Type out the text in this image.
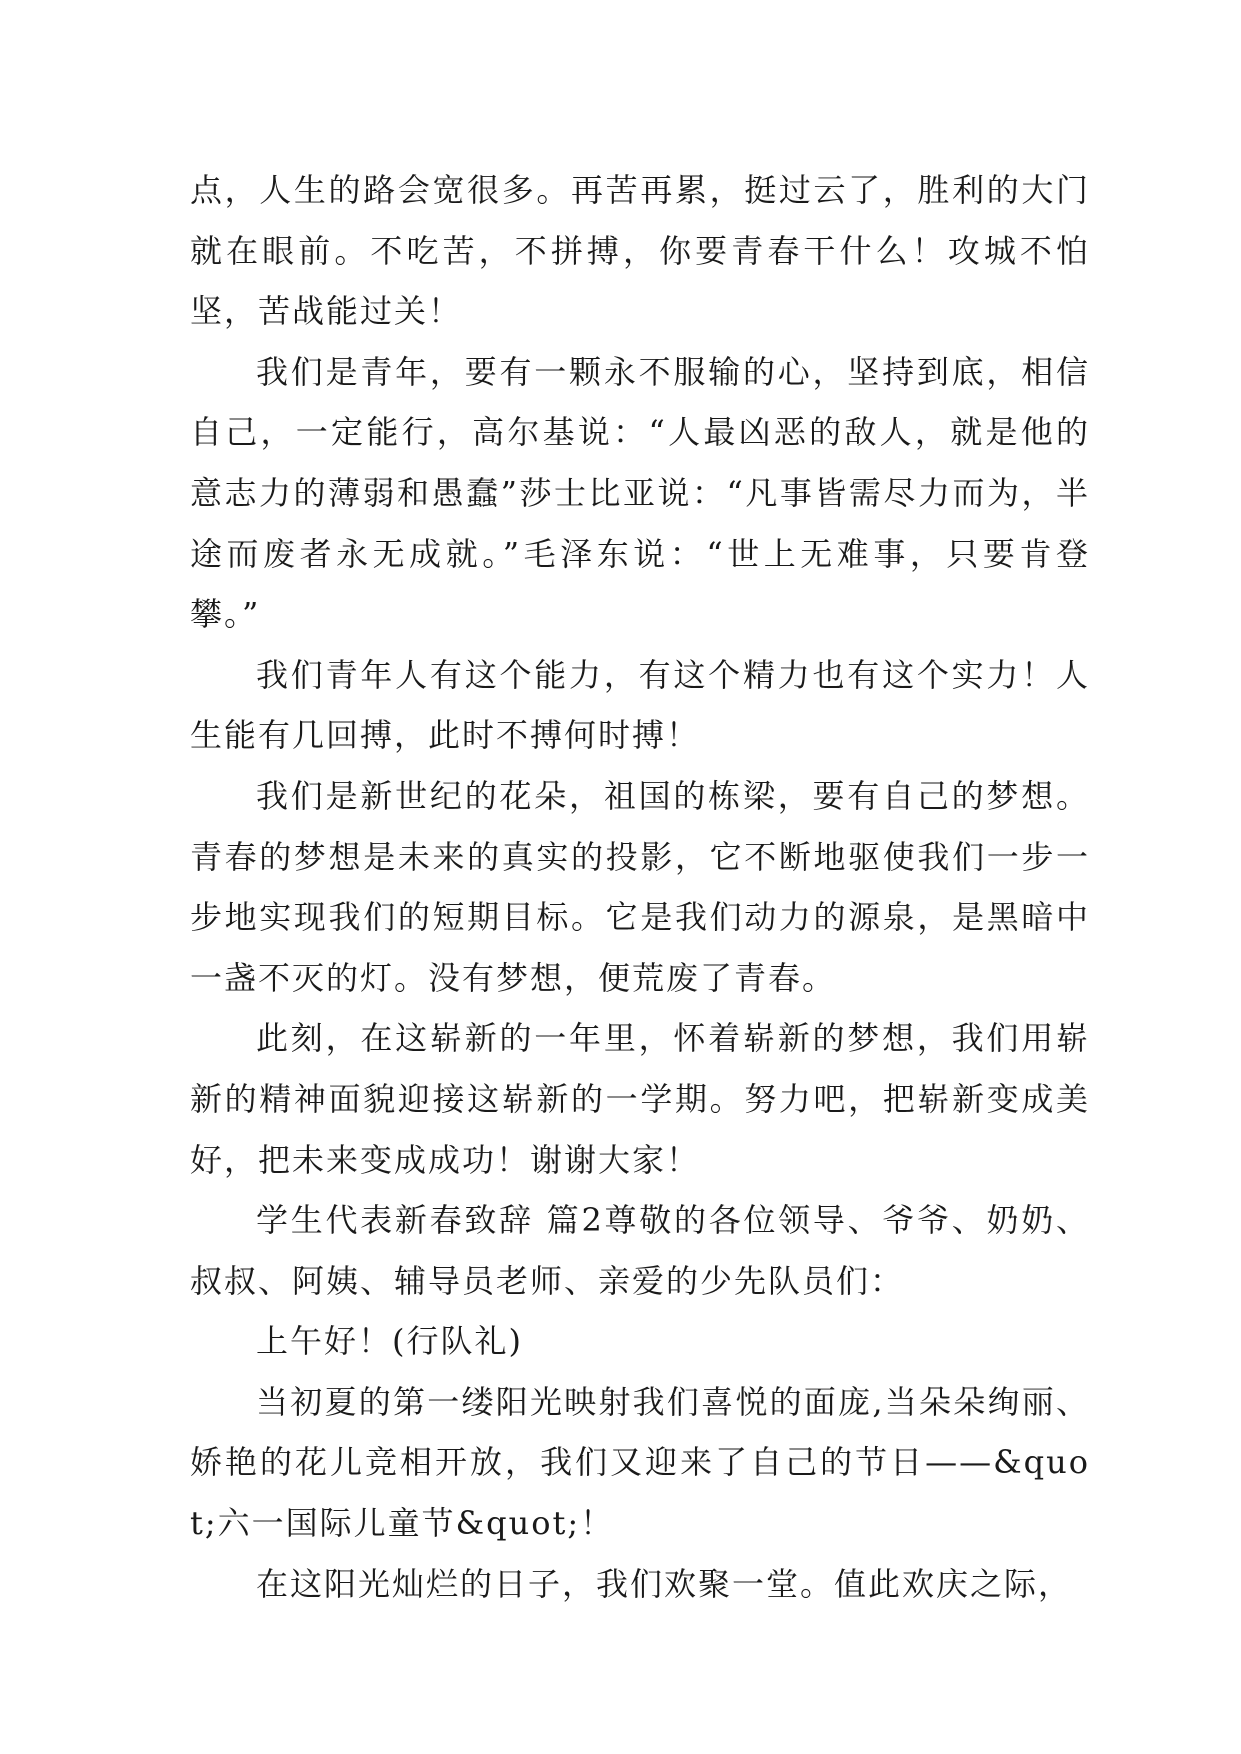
点，人生的路会宽很多。再苦再累，挺过云了，胜利的大门就在眼前。不吃苦，不拼搏，你要青春干什么！攻城不怕坚，苦战能过关！

我们是青年，要有一颗永不服输的心，坚持到底，相信自己，一定能行，高尔基说：“人最凶恶的敌人，就是他的意志力的薄弱和愚蠢”莎士比亚说：“凡事皆需尽力而为，半途而废者永无成就。”毛泽东说：“世上无难事，只要肯登攀。”

我们青年人有这个能力，有这个精力也有这个实力！人生能有几回搏，此时不搏何时搏！

我们是新世纪的花朵，祖国的栋梁，要有自己的梦想。青春的梦想是未来的真实的投影，它不断地驱使我们一步一步地实现我们的短期目标。它是我们动力的源泉，是黑暗中一盏不灭的灯。没有梦想，便荒废了青春。

此刻，在这崭新的一年里，怀着崭新的梦想，我们用崭新的精神面貌迎接这崭新的一学期。努力吧，把崭新变成美好，把未来变成成功！谢谢大家！

学生代表新春致辞 篇2尊敬的各位领导、爷爷、奶奶、叔叔、阿姨、辅导员老师、亲爱的少先队员们：

上午好！(行队礼)

当初夏的第一缕阳光映射我们喜悦的面庞,当朵朵绚丽、娇艳的花儿竞相开放，我们又迎来了自己的节日——&quot;六一国际儿童节&quot;！

在这阳光灿烂的日子，我们欢聚一堂。值此欢庆之际，
